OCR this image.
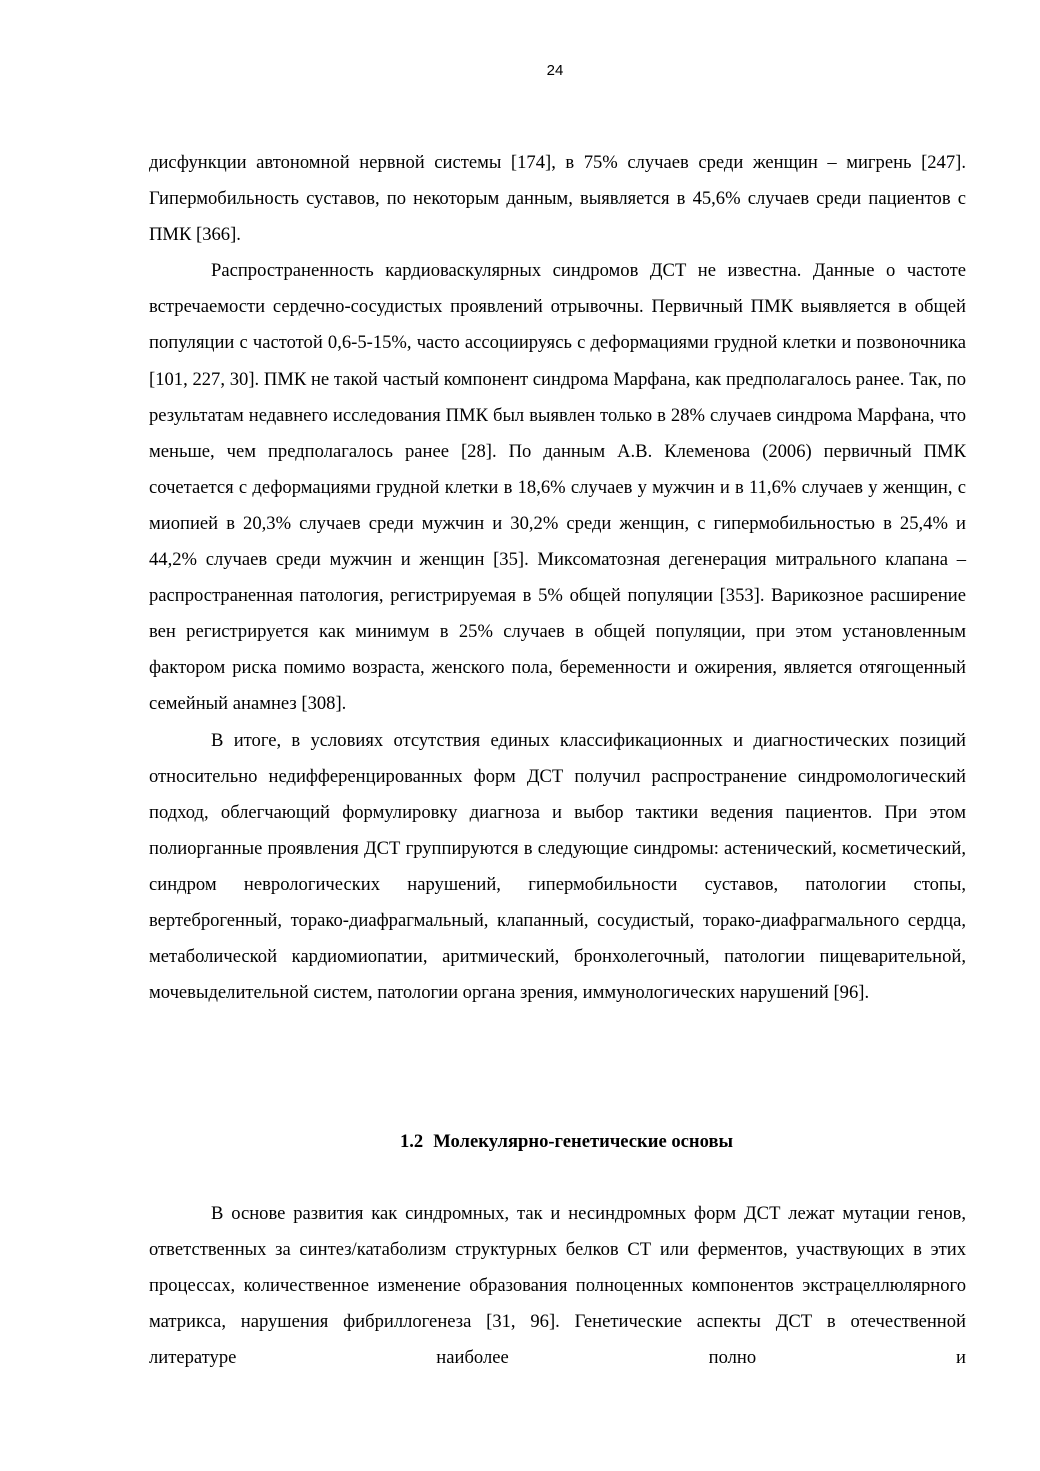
24

дисфункции автономной нервной системы [174], в 75% случаев среди женщин – мигрень [247]. Гипермобильность суставов, по некоторым данным, выявляется в 45,6% случаев среди пациентов с ПМК [366].

Распространенность кардиоваскулярных синдромов ДСТ не известна. Данные о частоте встречаемости сердечно-сосудистых проявлений отрывочны. Первичный ПМК выявляется в общей популяции с частотой 0,6-5-15%, часто ассоциируясь с деформациями грудной клетки и позвоночника [101, 227, 30]. ПМК не такой частый компонент синдрома Марфана, как предполагалось ранее. Так, по результатам недавнего исследования ПМК был выявлен только в 28% случаев синдрома Марфана, что меньше, чем предполагалось ранее [28]. По данным А.В. Клеменова (2006) первичный ПМК сочетается с деформациями грудной клетки в 18,6% случаев у мужчин и в 11,6% случаев у женщин, с миопией в 20,3% случаев среди мужчин и 30,2% среди женщин, с гипермобильностью в 25,4% и 44,2% случаев среди мужчин и женщин [35]. Миксоматозная дегенерация митрального клапана – распространенная патология, регистрируемая в 5% общей популяции [353]. Варикозное расширение вен регистрируется как минимум в 25% случаев в общей популяции, при этом установленным фактором риска помимо возраста, женского пола, беременности и ожирения, является отягощенный семейный анамнез [308].

В итоге, в условиях отсутствия единых классификационных и диагностических позиций относительно недифференцированных форм ДСТ получил распространение синдромологический подход, облегчающий формулировку диагноза и выбор тактики ведения пациентов. При этом полиорганные проявления ДСТ группируются в следующие синдромы: астенический, косметический, синдром неврологических нарушений, гипермобильности суставов, патологии стопы, вертеброгенный, торако-диафрагмальный, клапанный, сосудистый, торако-диафрагмального сердца, метаболической кардиомиопатии, аритмический, бронхолегочный, патологии пищеварительной, мочевыделительной систем, патологии органа зрения, иммунологических нарушений [96].

1.2 Молекулярно-генетические основы

В основе развития как синдромных, так и несиндромных форм ДСТ лежат мутации генов, ответственных за синтез/катаболизм структурных белков СТ или ферментов, участвующих в этих процессах, количественное изменение образования полноценных компонентов экстрацеллюлярного матрикса, нарушения фибриллогенеза [31, 96]. Генетические аспекты ДСТ в отечественной литературе наиболее полно и
